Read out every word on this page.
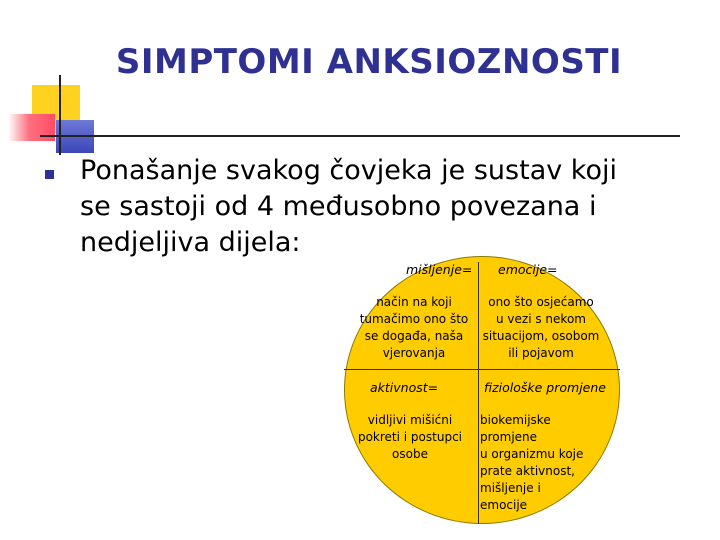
SIMPTOMI ANKSIOZNOSTI
Ponašanje svakog čovjeka je sustav koji
se sastoji od 4 međusobno povezana i
nedjeljiva dijela:
mišljenje= emocije=
način na koji
tumačimo ono što
se događa, naša
vjerovanja
ono što osjećamo
u vezi s nekom
situacijom, osobom
ili pojavom
aktivnost=	fiziološke promjene
vidljivi mišićni
pokreti i postupci
osobe
biokemijske promjene
u organizmu koje
prate aktivnost,
mišljenje i
emocije
